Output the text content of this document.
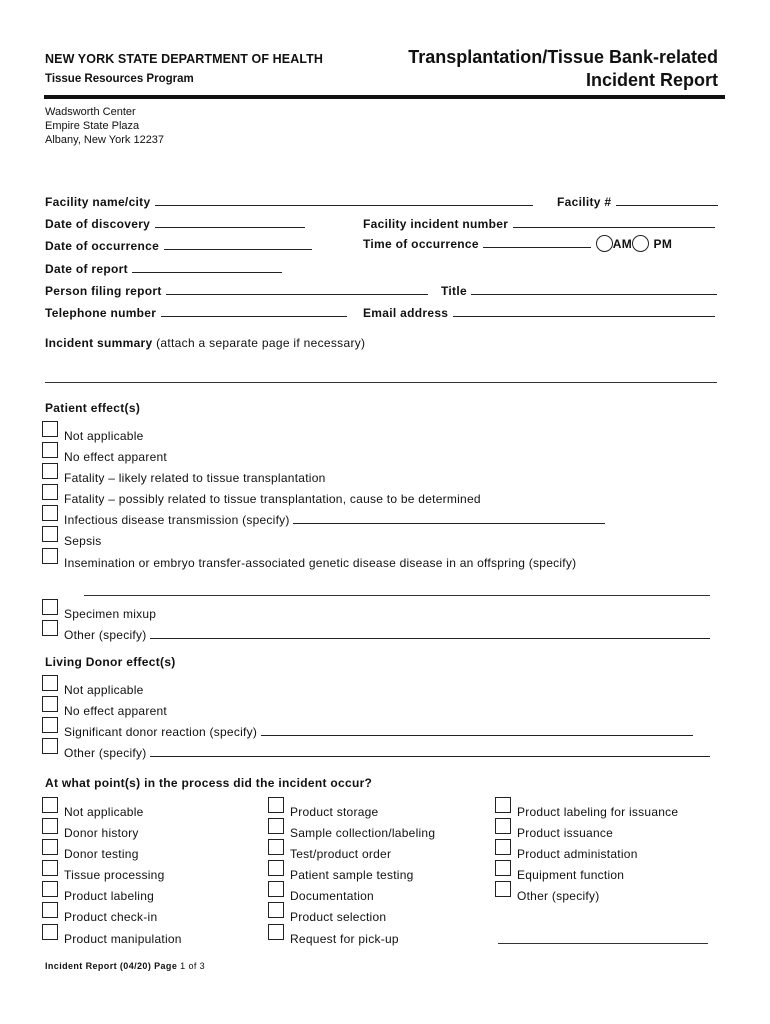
NEW YORK STATE DEPARTMENT OF HEALTH
Tissue Resources Program
Transplantation/Tissue Bank-related
Incident Report
Wadsworth Center
Empire State Plaza
Albany, New York 12237
Facility name/city	Facility #
Date of discovery	Facility incident number
Date of occurrence	Time of occurrence	AM PM
Date of report
Person filing report	Title
Telephone number	Email address
Incident summary (attach a separate page if necessary)
Patient effect(s)
Not applicable
No effect apparent
Fatality – likely related to tissue transplantation
Fatality – possibly related to tissue transplantation, cause to be determined
Infectious disease transmission (specify)
Sepsis
Insemination or embryo transfer-associated genetic disease disease in an offspring (specify)
Specimen mixup
Other (specify)
Living Donor effect(s)
Not applicable
No effect apparent
Significant donor reaction (specify)
Other (specify)
At what point(s) in the process did the incident occur?
Not applicable
Donor history
Donor testing
Tissue processing
Product labeling
Product check-in
Product manipulation
Product storage
Sample collection/labeling
Test/product order
Patient sample testing
Documentation
Product selection
Request for pick-up
Product labeling for issuance
Product issuance
Product administation
Equipment function
Other (specify)
Incident Report (04/20) Page 1 of 3
